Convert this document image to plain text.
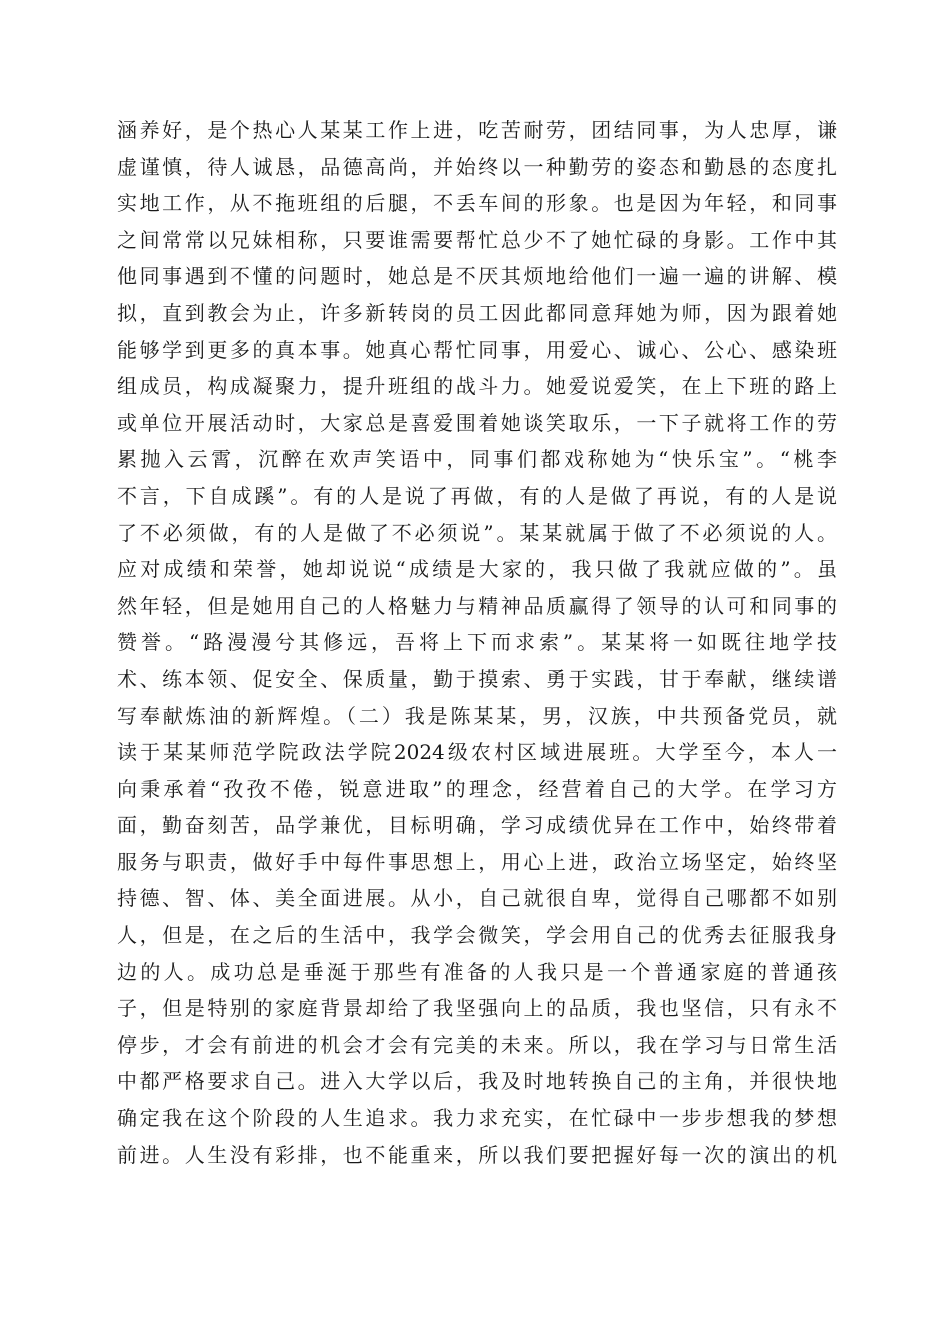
涵养好，是个热心人某某工作上进，吃苦耐劳，团结同事，为人忠厚，谦
虚谨慎，待人诚恳，品德高尚，并始终以一种勤劳的姿态和勤恳的态度扎
实地工作，从不拖班组的后腿，不丢车间的形象。也是因为年轻，和同事
之间常常以兄妹相称，只要谁需要帮忙总少不了她忙碌的身影。工作中其
他同事遇到不懂的问题时，她总是不厌其烦地给他们一遍一遍的讲解、模
拟，直到教会为止，许多新转岗的员工因此都同意拜她为师，因为跟着她
能够学到更多的真本事。她真心帮忙同事，用爱心、诚心、公心、感染班
组成员，构成凝聚力，提升班组的战斗力。她爱说爱笑，在上下班的路上
或单位开展活动时，大家总是喜爱围着她谈笑取乐，一下子就将工作的劳
累抛入云霄，沉醉在欢声笑语中，同事们都戏称她为“快乐宝”。“桃李
不言，下自成蹊”。有的人是说了再做，有的人是做了再说，有的人是说
了不必须做，有的人是做了不必须说”。某某就属于做了不必须说的人。
应对成绩和荣誉，她却说说“成绩是大家的，我只做了我就应做的”。虽
然年轻，但是她用自己的人格魅力与精神品质赢得了领导的认可和同事的
赞誉。“路漫漫兮其修远，吾将上下而求索”。某某将一如既往地学技
术、练本领、促安全、保质量，勤于摸索、勇于实践，甘于奉献，继续谱
写奉献炼油的新辉煌。（二）我是陈某某，男，汉族，中共预备党员，就
读于某某师范学院政法学院2024级农村区域进展班。大学至今，本人一
向秉承着“孜孜不倦，锐意进取”的理念，经营着自己的大学。在学习方
面，勤奋刻苦，品学兼优，目标明确，学习成绩优异在工作中，始终带着
服务与职责，做好手中每件事思想上，用心上进，政治立场坚定，始终坚
持德、智、体、美全面进展。从小，自己就很自卑，觉得自己哪都不如别
人，但是，在之后的生活中，我学会微笑，学会用自己的优秀去征服我身
边的人。成功总是垂涎于那些有准备的人我只是一个普通家庭的普通孩
子，但是特别的家庭背景却给了我坚强向上的品质，我也坚信，只有永不
停步，才会有前进的机会才会有完美的未来。所以，我在学习与日常生活
中都严格要求自己。进入大学以后，我及时地转换自己的主角，并很快地
确定我在这个阶段的人生追求。我力求充实，在忙碌中一步步想我的梦想
前进。人生没有彩排，也不能重来，所以我们要把握好每一次的演出的机
